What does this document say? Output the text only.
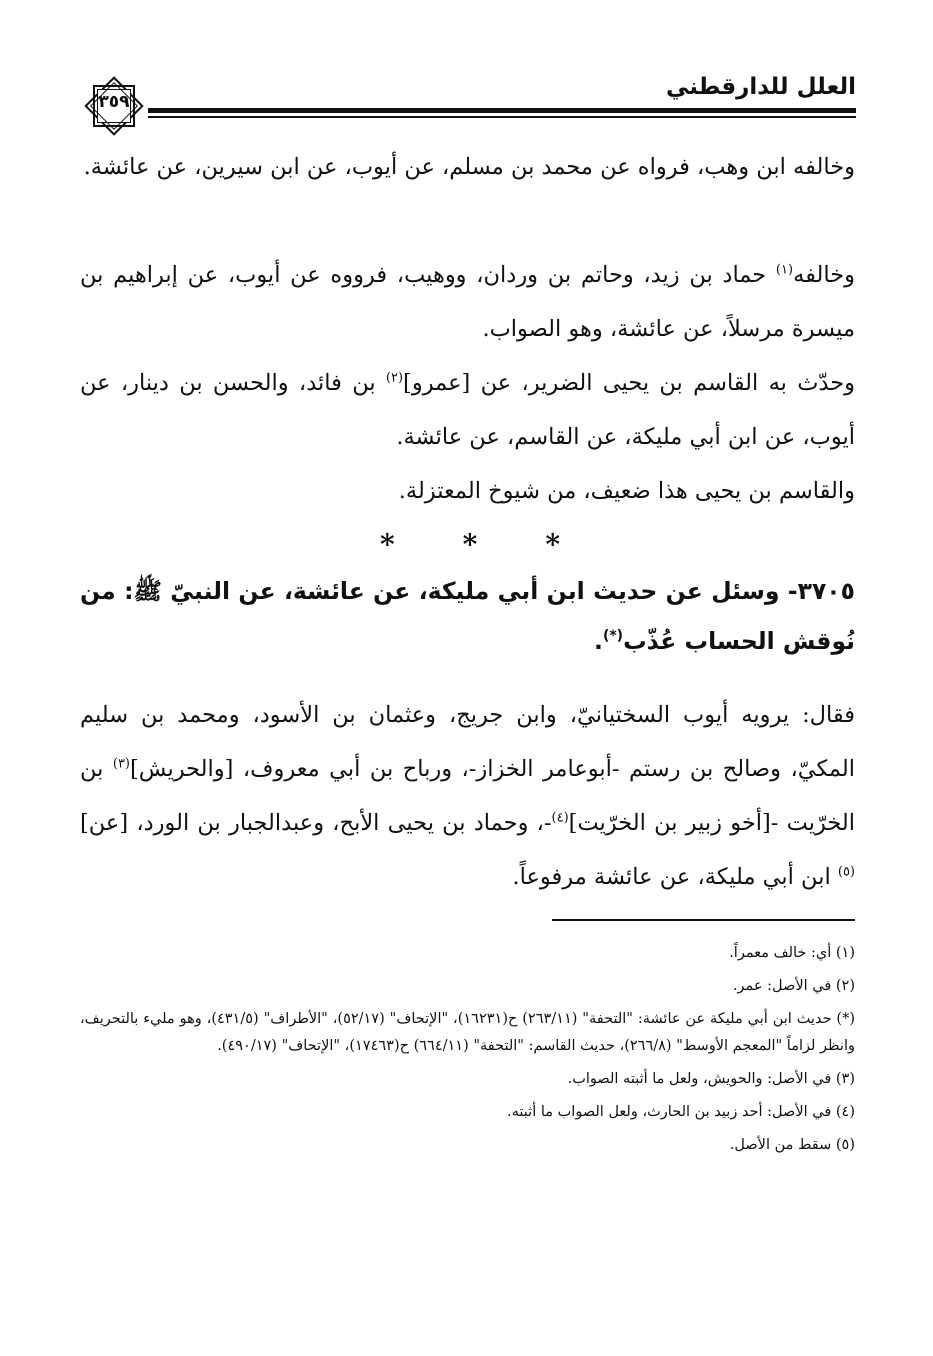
العلل للدارقطني
٣٥٩
وخالفه ابن وهب، فرواه عن محمد بن مسلم، عن أيوب، عن ابن سيرين، عن عائشة.
وخالفه$^{(١)}$ حماد بن زيد، وحاتم بن وردان، ووهيب، فرووه عن أيوب، عن إبراهيم بن ميسرة مرسلاً، عن عائشة، وهو الصواب.
وحدّث به القاسم بن يحيى الضرير، عن [عمرو]$^{(٢)}$ بن فائد، والحسن بن دينار، عن أيوب، عن ابن أبي مليكة، عن القاسم، عن عائشة.
والقاسم بن يحيى هذا ضعيف، من شيوخ المعتزلة.
* * *
٣٧٠٥- وسئل عن حديث ابن أبي مليكة، عن عائشة، عن النبيّ ﷺ: من نُوقش الحساب عُذّب(*).
فقال: يرويه أيوب السختيانيّ، وابن جريج، وعثمان بن الأسود، ومحمد بن سليم المكيّ، وصالح بن رستم -أبوعامر الخزاز-، ورباح بن أبي معروف، [والحريش]$^{(٣)}$ بن الخرّيت -[أخو زبير بن الخرّيت]$^{(٤)}$-، وحماد بن يحيى الأبح، وعبدالجبار بن الورد، [عن]$^{(٥)}$ ابن أبي مليكة، عن عائشة مرفوعاً.
(١) أي: خالف معمراً.
(٢) في الأصل: عمر.
(*) حديث ابن أبي مليكة عن عائشة: "التحفة" (٢٦٣/١١) ح(١٦٢٣١)، "الإتحاف" (٥٢/١٧)، "الأطراف" (٤٣١/٥)، وهو مليء بالتحريف، وانظر لزاماً "المعجم الأوسط" (٢٦٦/٨)، حديث القاسم: "التحفة" (٦٦٤/١١) ح(١٧٤٦٣)، "الإتحاف" (٤٩٠/١٧).
(٣) في الأصل: والحويش، ولعل ما أثبته الصواب.
(٤) في الأصل: أحد زبيد بن الحارث، ولعل الصواب ما أثبته.
(٥) سقط من الأصل.
